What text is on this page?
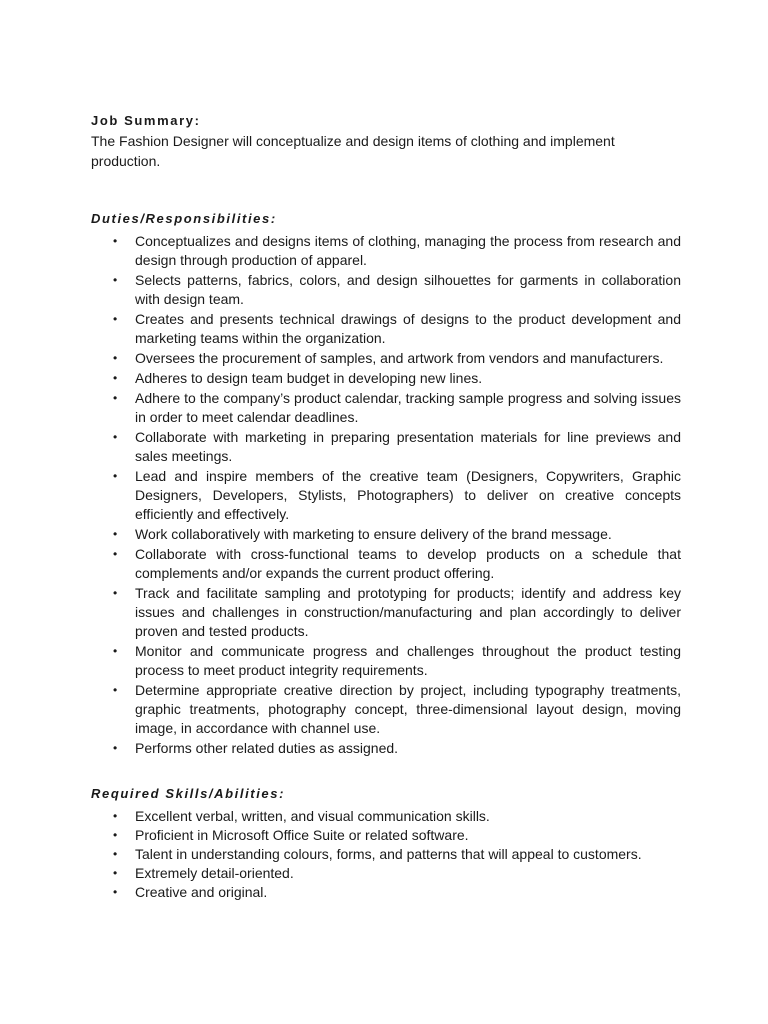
Job Summary:

The Fashion Designer will conceptualize and design items of clothing and implement production.

Duties/Responsibilities:

• Conceptualizes and designs items of clothing, managing the process from research and design through production of apparel.
• Selects patterns, fabrics, colors, and design silhouettes for garments in collaboration with design team.
• Creates and presents technical drawings of designs to the product development and marketing teams within the organization.
• Oversees the procurement of samples, and artwork from vendors and manufacturers.
• Adheres to design team budget in developing new lines.
• Adhere to the company’s product calendar, tracking sample progress and solving issues in order to meet calendar deadlines.
• Collaborate with marketing in preparing presentation materials for line previews and sales meetings.
• Lead and inspire members of the creative team (Designers, Copywriters, Graphic Designers, Developers, Stylists, Photographers) to deliver on creative concepts efficiently and effectively.
• Work collaboratively with marketing to ensure delivery of the brand message.
• Collaborate with cross-functional teams to develop products on a schedule that complements and/or expands the current product offering.
• Track and facilitate sampling and prototyping for products; identify and address key issues and challenges in construction/manufacturing and plan accordingly to deliver proven and tested products.
• Monitor and communicate progress and challenges throughout the product testing process to meet product integrity requirements.
• Determine appropriate creative direction by project, including typography treatments, graphic treatments, photography concept, three-dimensional layout design, moving image, in accordance with channel use.
• Performs other related duties as assigned.

Required Skills/Abilities:

• Excellent verbal, written, and visual communication skills.
• Proficient in Microsoft Office Suite or related software.
• Talent in understanding colours, forms, and patterns that will appeal to customers.
• Extremely detail-oriented.
• Creative and original.
